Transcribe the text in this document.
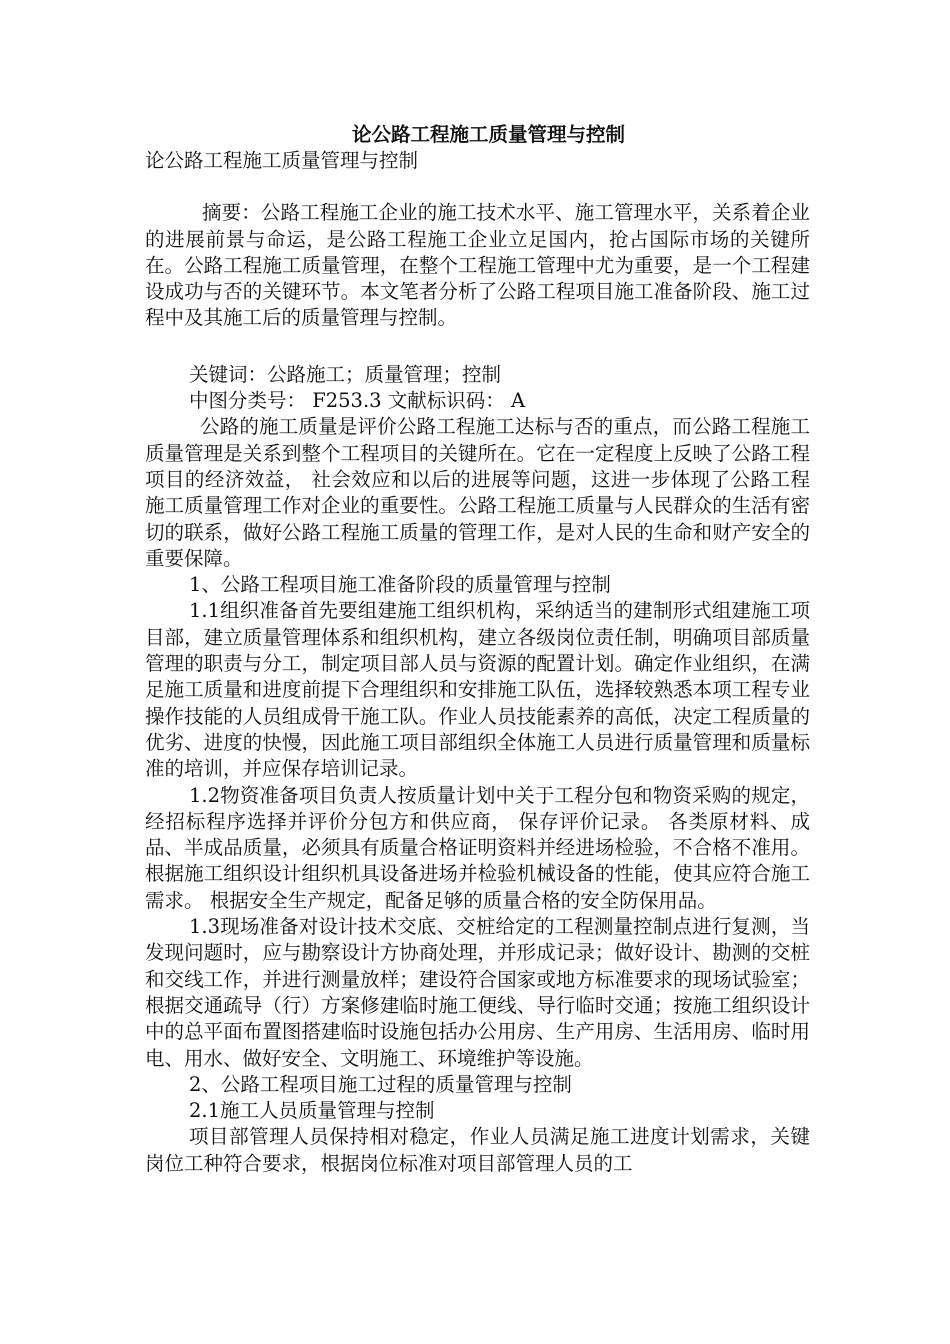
论公路工程施工质量管理与控制

论公路工程施工质量管理与控制

摘要：公路工程施工企业的施工技术水平、施工管理水平，关系着企业的进展前景与命运，是公路工程施工企业立足国内，抢占国际市场的关键所在。公路工程施工质量管理，在整个工程施工管理中尤为重要，是一个工程建设成功与否的关键环节。本文笔者分析了公路工程项目施工准备阶段、施工过程中及其施工后的质量管理与控制。

关键词：公路施工；质量管理；控制

中图分类号： F253.3 文献标识码： A

公路的施工质量是评价公路工程施工达标与否的重点，而公路工程施工质量管理是关系到整个工程项目的关键所在。它在一定程度上反映了公路工程项目的经济效益， 社会效应和以后的进展等问题，这进一步体现了公路工程施工质量管理工作对企业的重要性。公路工程施工质量与人民群众的生活有密切的联系，做好公路工程施工质量的管理工作，是对人民的生命和财产安全的重要保障。

1、公路工程项目施工准备阶段的质量管理与控制

1.1组织准备首先要组建施工组织机构，采纳适当的建制形式组建施工项目部，建立质量管理体系和组织机构，建立各级岗位责任制，明确项目部质量管理的职责与分工，制定项目部人员与资源的配置计划。确定作业组织，在满足施工质量和进度前提下合理组织和安排施工队伍，选择较熟悉本项工程专业操作技能的人员组成骨干施工队。作业人员技能素养的高低，决定工程质量的优劣、进度的快慢，因此施工项目部组织全体施工人员进行质量管理和质量标准的培训，并应保存培训记录。

1.2物资准备项目负责人按质量计划中关于工程分包和物资采购的规定，经招标程序选择并评价分包方和供应商， 保存评价记录。 各类原材料、成品、半成品质量，必须具有质量合格证明资料并经进场检验，不合格不准用。 根据施工组织设计组织机具设备进场并检验机械设备的性能，使其应符合施工需求。 根据安全生产规定，配备足够的质量合格的安全防保用品。

1.3现场准备对设计技术交底、交桩给定的工程测量控制点进行复测，当发现问题时，应与勘察设计方协商处理，并形成记录；做好设计、勘测的交桩和交线工作，并进行测量放样；建设符合国家或地方标准要求的现场试验室；根据交通疏导（行）方案修建临时施工便线、导行临时交通；按施工组织设计中的总平面布置图搭建临时设施包括办公用房、生产用房、生活用房、临时用电、用水、做好安全、文明施工、环境维护等设施。

2、公路工程项目施工过程的质量管理与控制

2.1施工人员质量管理与控制

项目部管理人员保持相对稳定，作业人员满足施工进度计划需求，关键岗位工种符合要求，根据岗位标准对项目部管理人员的工
